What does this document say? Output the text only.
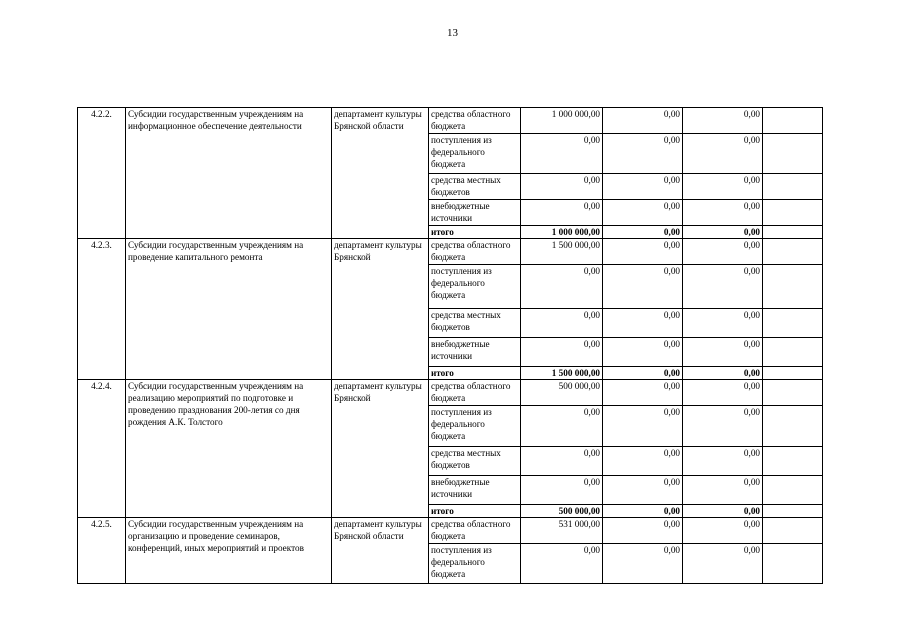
13
4.2.2.	Субсидии государственным учреждениям на информационное обеспечение деятельности	департамент культуры Брянской области	средства областного бюджета	1 000 000,00	0,00	0,00	
			поступления из федерального бюджета	0,00	0,00	0,00	
			средства местных бюджетов	0,00	0,00	0,00	
			внебюджетные источники	0,00	0,00	0,00	
			итого	1 000 000,00	0,00	0,00	
4.2.3.	Субсидии государственным учреждениям на проведение капитального ремонта	департамент культуры Брянской	средства областного бюджета	1 500 000,00	0,00	0,00	
			поступления из федерального бюджета	0,00	0,00	0,00	
			средства местных бюджетов	0,00	0,00	0,00	
			внебюджетные источники	0,00	0,00	0,00	
			итого	1 500 000,00	0,00	0,00	
4.2.4.	Субсидии государственным учреждениям на реализацию мероприятий по подготовке и проведению празднования 200-летия со дня рождения А.К. Толстого	департамент культуры Брянской	средства областного бюджета	500 000,00	0,00	0,00	
			поступления из федерального бюджета	0,00	0,00	0,00	
			средства местных бюджетов	0,00	0,00	0,00	
			внебюджетные источники	0,00	0,00	0,00	
			итого	500 000,00	0,00	0,00	
4.2.5.	Субсидии государственным учреждениям на организацию и проведение семинаров, конференций, иных мероприятий и проектов	департамент культуры Брянской области	средства областного бюджета	531 000,00	0,00	0,00	
			поступления из федерального бюджета	0,00	0,00	0,00	
